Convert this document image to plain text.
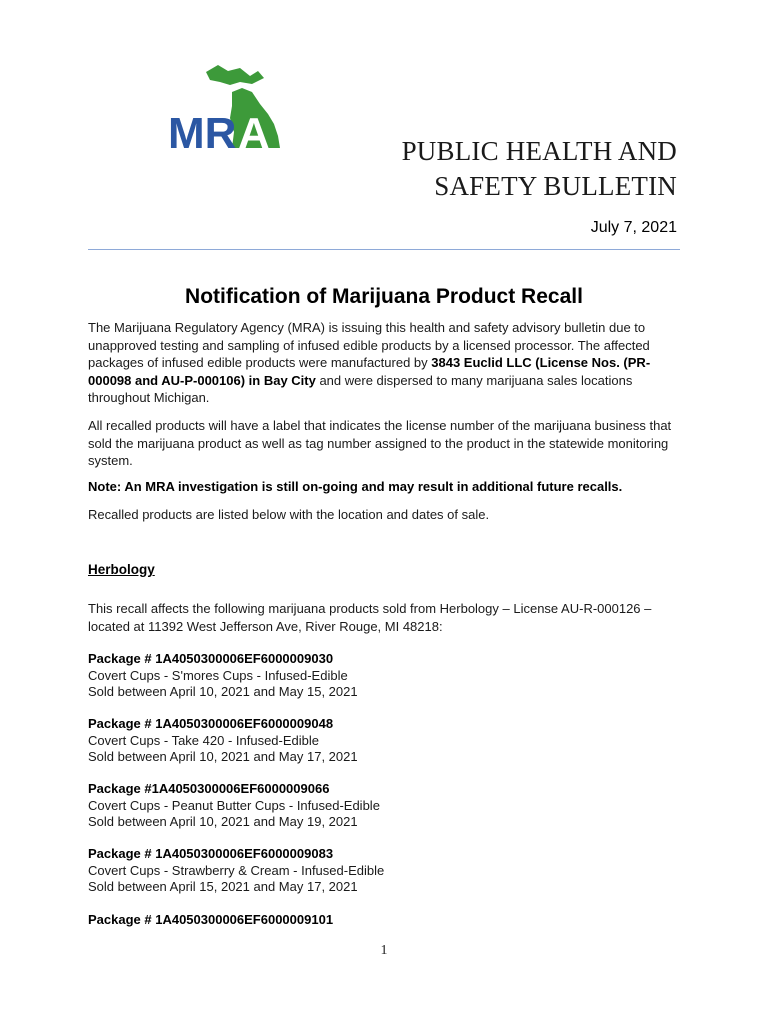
MR A	PUBLIC HEALTH AND
SAFETY BULLETIN
July 7, 2021
Notification of Marijuana Product Recall
The Marijuana Regulatory Agency (MRA) is issuing this health and safety advisory bulletin due to unapproved testing and sampling of infused edible products by a licensed processor. The affected packages of infused edible products were manufactured by 3843 Euclid LLC (License Nos. (PR-000098 and AU-P-000106) in Bay City and were dispersed to many marijuana sales locations throughout Michigan.
All recalled products will have a label that indicates the license number of the marijuana business that sold the marijuana product as well as tag number assigned to the product in the statewide monitoring system.
Note: An MRA investigation is still on-going and may result in additional future recalls.
Recalled products are listed below with the location and dates of sale.
Herbology
This recall affects the following marijuana products sold from Herbology – License AU-R-000126 – located at 11392 West Jefferson Ave, River Rouge, MI 48218:
Package # 1A4050300006EF6000009030
Covert Cups - S'mores Cups - Infused-Edible
Sold between April 10, 2021 and May 15, 2021
Package # 1A4050300006EF6000009048
Covert Cups - Take 420 - Infused-Edible
Sold between April 10, 2021 and May 17, 2021
Package #1A4050300006EF6000009066
Covert Cups - Peanut Butter Cups - Infused-Edible
Sold between April 10, 2021 and May 19, 2021
Package # 1A4050300006EF6000009083
Covert Cups - Strawberry & Cream - Infused-Edible
Sold between April 15, 2021 and May 17, 2021
Package # 1A4050300006EF6000009101
1
